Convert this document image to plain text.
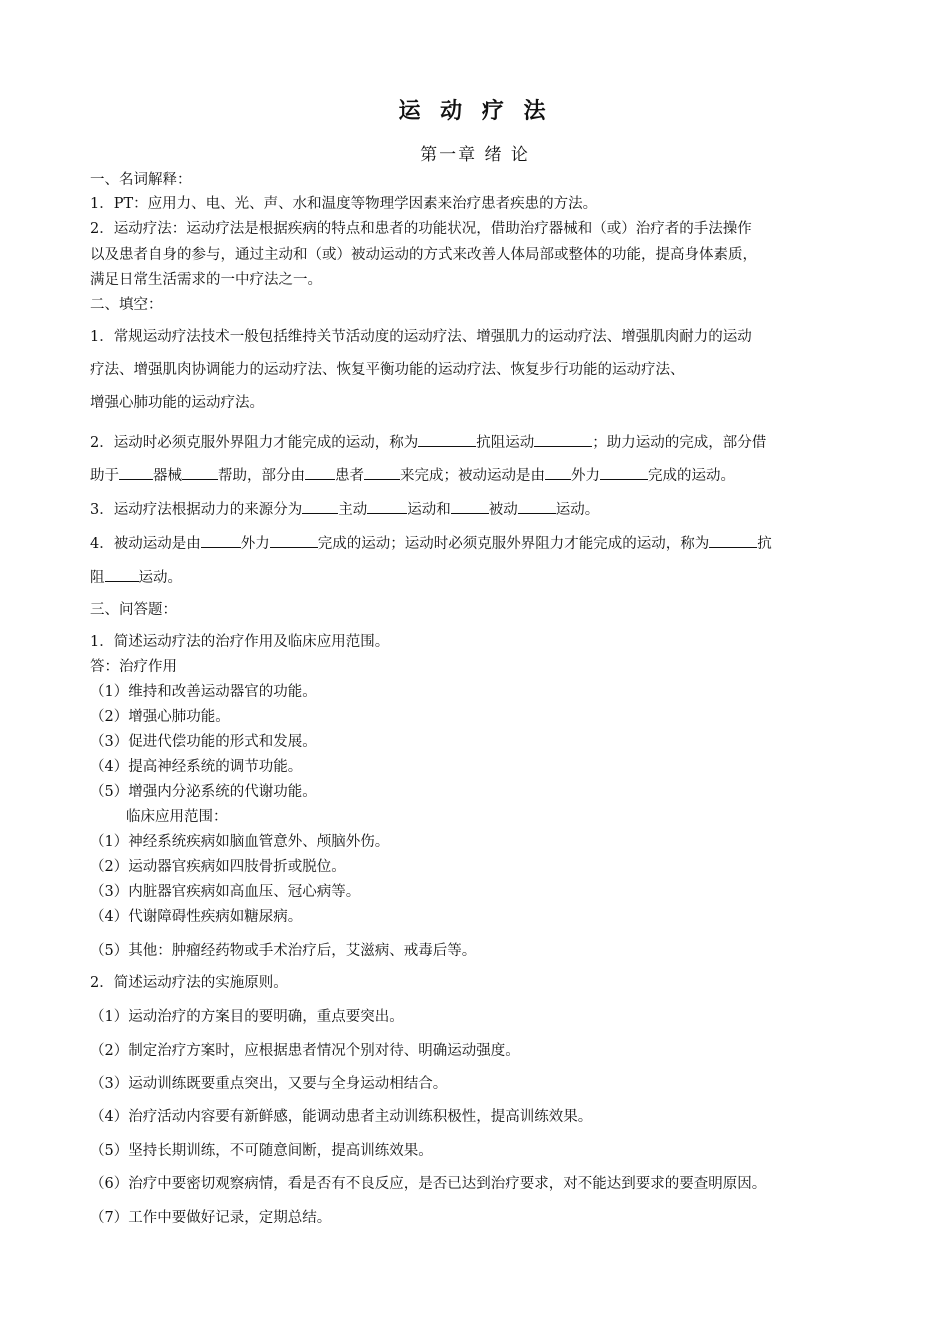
运 动 疗 法
第一章 绪 论
一、名词解释：
1．PT：应用力、电、光、声、水和温度等物理学因素来治疗患者疾患的方法。
2．运动疗法：运动疗法是根据疾病的特点和患者的功能状况，借助治疗器械和（或）治疗者的手法操作
以及患者自身的参与，通过主动和（或）被动运动的方式来改善人体局部或整体的功能，提高身体素质，
满足日常生活需求的一中疗法之一。
二、填空：
1．常规运动疗法技术一般包括维持关节活动度的运动疗法、增强肌力的运动疗法、增强肌肉耐力的运动
疗法、增强肌肉协调能力的运动疗法、恢复平衡功能的运动疗法、恢复步行功能的运动疗法、
增强心肺功能的运动疗法。
2．运动时必须克服外界阻力才能完成的运动，称为	抗阻运动	；助力运动的完成，部分借
助于 器械 帮助，部分由 患者 来完成；被动运动是由 外力	完成的运动。
3．运动疗法根据动力的来源分为 主动	运动和	被动	运动。
4．被动运动是由	外力	完成的运动；运动时必须克服外界阻力才能完成的运动，称为	抗
阻 运动。
三、问答题：
1．简述运动疗法的治疗作用及临床应用范围。
答：治疗作用
（1）维持和改善运动器官的功能。
（2）增强心肺功能。
（3）促进代偿功能的形式和发展。
（4）提高神经系统的调节功能。
（5）增强内分泌系统的代谢功能。
临床应用范围：
（1）神经系统疾病如脑血管意外、颅脑外伤。
（2）运动器官疾病如四肢骨折或脱位。
（3）内脏器官疾病如高血压、冠心病等。
（4）代谢障碍性疾病如糖尿病。
（5）其他：肿瘤经药物或手术治疗后，艾滋病、戒毒后等。
2．简述运动疗法的实施原则。
（1）运动治疗的方案目的要明确，重点要突出。
（2）制定治疗方案时，应根据患者情况个别对待、明确运动强度。
（3）运动训练既要重点突出，又要与全身运动相结合。
（4）治疗活动内容要有新鲜感，能调动患者主动训练积极性，提高训练效果。
（5）坚持长期训练，不可随意间断，提高训练效果。
（6）治疗中要密切观察病情，看是否有不良反应，是否已达到治疗要求，对不能达到要求的要查明原因。
（7）工作中要做好记录，定期总结。
